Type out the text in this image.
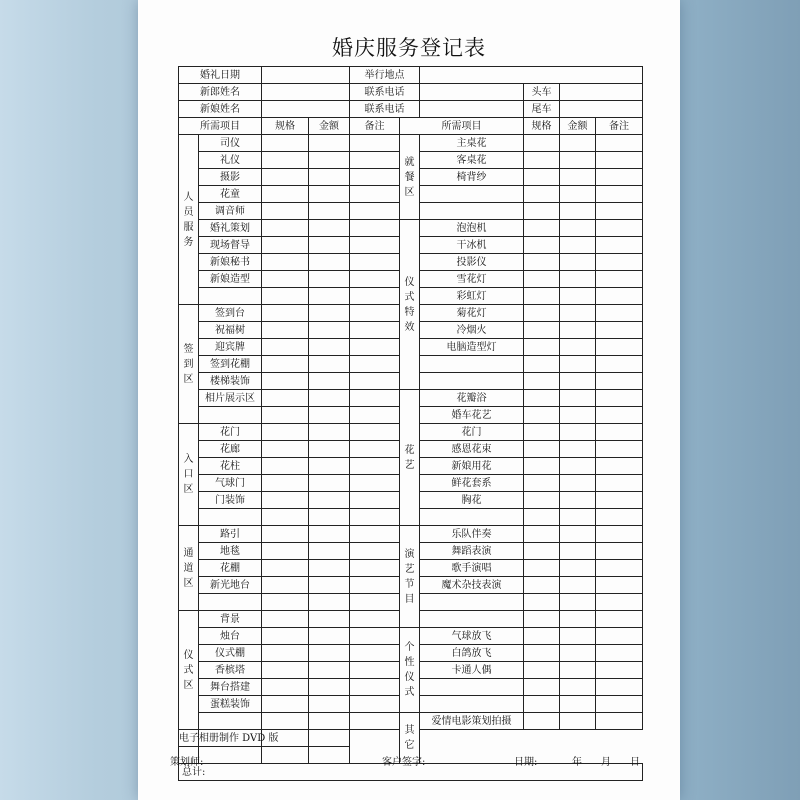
婚庆服务登记表
婚礼日期				举行地点					
新郎姓名				联系电话			头车		
新娘姓名				联系电话			尾车		
所需项目		规格	金额	备注	所需项目		规格	金额	备注
人员服务	司仪				就餐区	主桌花			
	礼仪					客桌花			
	摄影					椅背纱			
	花童								
	调音师								
	婚礼策划				仪式特效	泡泡机			
	现场督导					干冰机			
	新娘秘书					投影仪			
	新娘造型					雪花灯			
						彩虹灯			
签到区	签到台					菊花灯			
	祝福树					冷烟火			
	迎宾牌					电脑造型灯			
	签到花棚								
	楼梯装饰								
	相片展示区				花艺	花瓣浴			
						婚车花艺			
入口区	花门					花门			
	花廊					感恩花束			
	花柱					新娘用花			
	气球门					鲜花套系			
	门装饰					胸花			

通道区	路引				演艺节目	乐队伴奏			
	地毯					舞蹈表演			
	花棚					歌手演唱			
	新光地台					魔术杂技表演			

仪式区	背景								
	烛台				个性仪式	气球放飞			
	仪式棚					白鸽放飞			
	香槟塔					卡通人偶			
	舞台搭建								
	蛋糕装饰								
					其它	爱情电影策划拍摄			
电子相册制作 DVD 版									

总计:									
策划师:	客户签字:	日期:	年 月 日
